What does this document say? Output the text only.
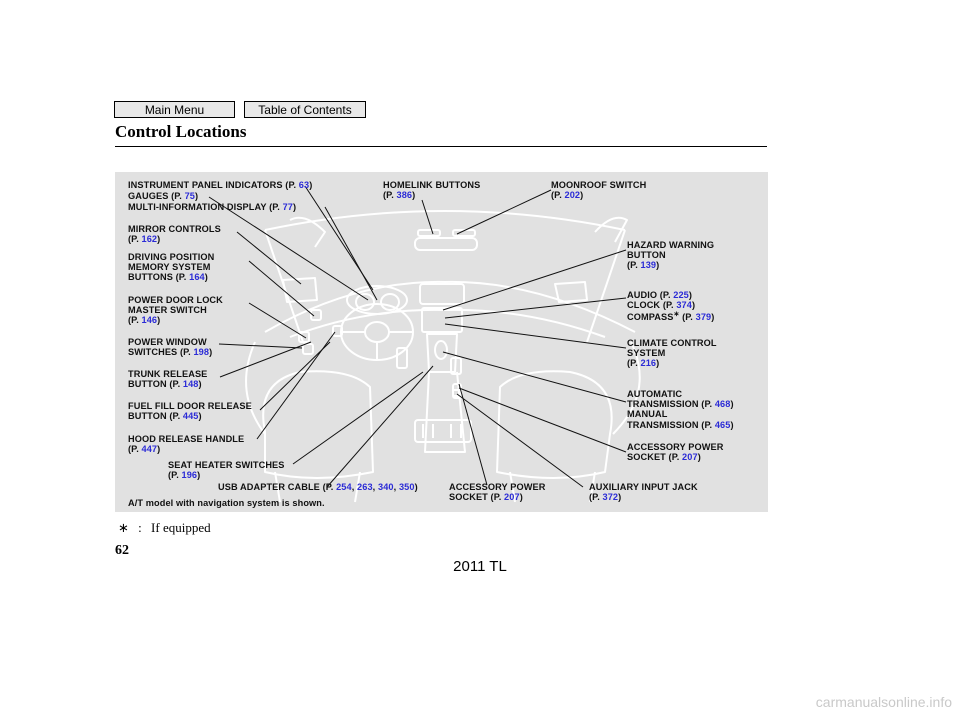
Main Menu	Table of Contents
Control Locations
INSTRUMENT PANEL INDICATORS (P. 63)
GAUGES (P. 75)
MULTI-INFORMATION DISPLAY (P. 77)
MIRROR CONTROLS
(P. 162)
DRIVING POSITION
MEMORY SYSTEM
BUTTONS (P. 164)
POWER DOOR LOCK
MASTER SWITCH
(P. 146)
POWER WINDOW
SWITCHES (P. 198)
TRUNK RELEASE
BUTTON (P. 148)
FUEL FILL DOOR RELEASE
BUTTON (P. 445)
HOOD RELEASE HANDLE
(P. 447)
SEAT HEATER SWITCHES
(P. 196)
USB ADAPTER CABLE (P. 254, 263, 340, 350)
A/T model with navigation system is shown.
HOMELINK BUTTONS
(P. 386)
MOONROOF SWITCH
(P. 202)
HAZARD WARNING
BUTTON
(P. 139)
AUDIO (P. 225)
CLOCK (P. 374)
COMPASS∗ (P. 379)
CLIMATE CONTROL
SYSTEM
(P. 216)
AUTOMATIC
TRANSMISSION (P. 468)
MANUAL
TRANSMISSION (P. 465)
ACCESSORY POWER
SOCKET (P. 207)
ACCESSORY POWER
SOCKET (P. 207)
AUXILIARY INPUT JACK
(P. 372)
∗ : If equipped
62
2011 TL
carmanualsonline.info
